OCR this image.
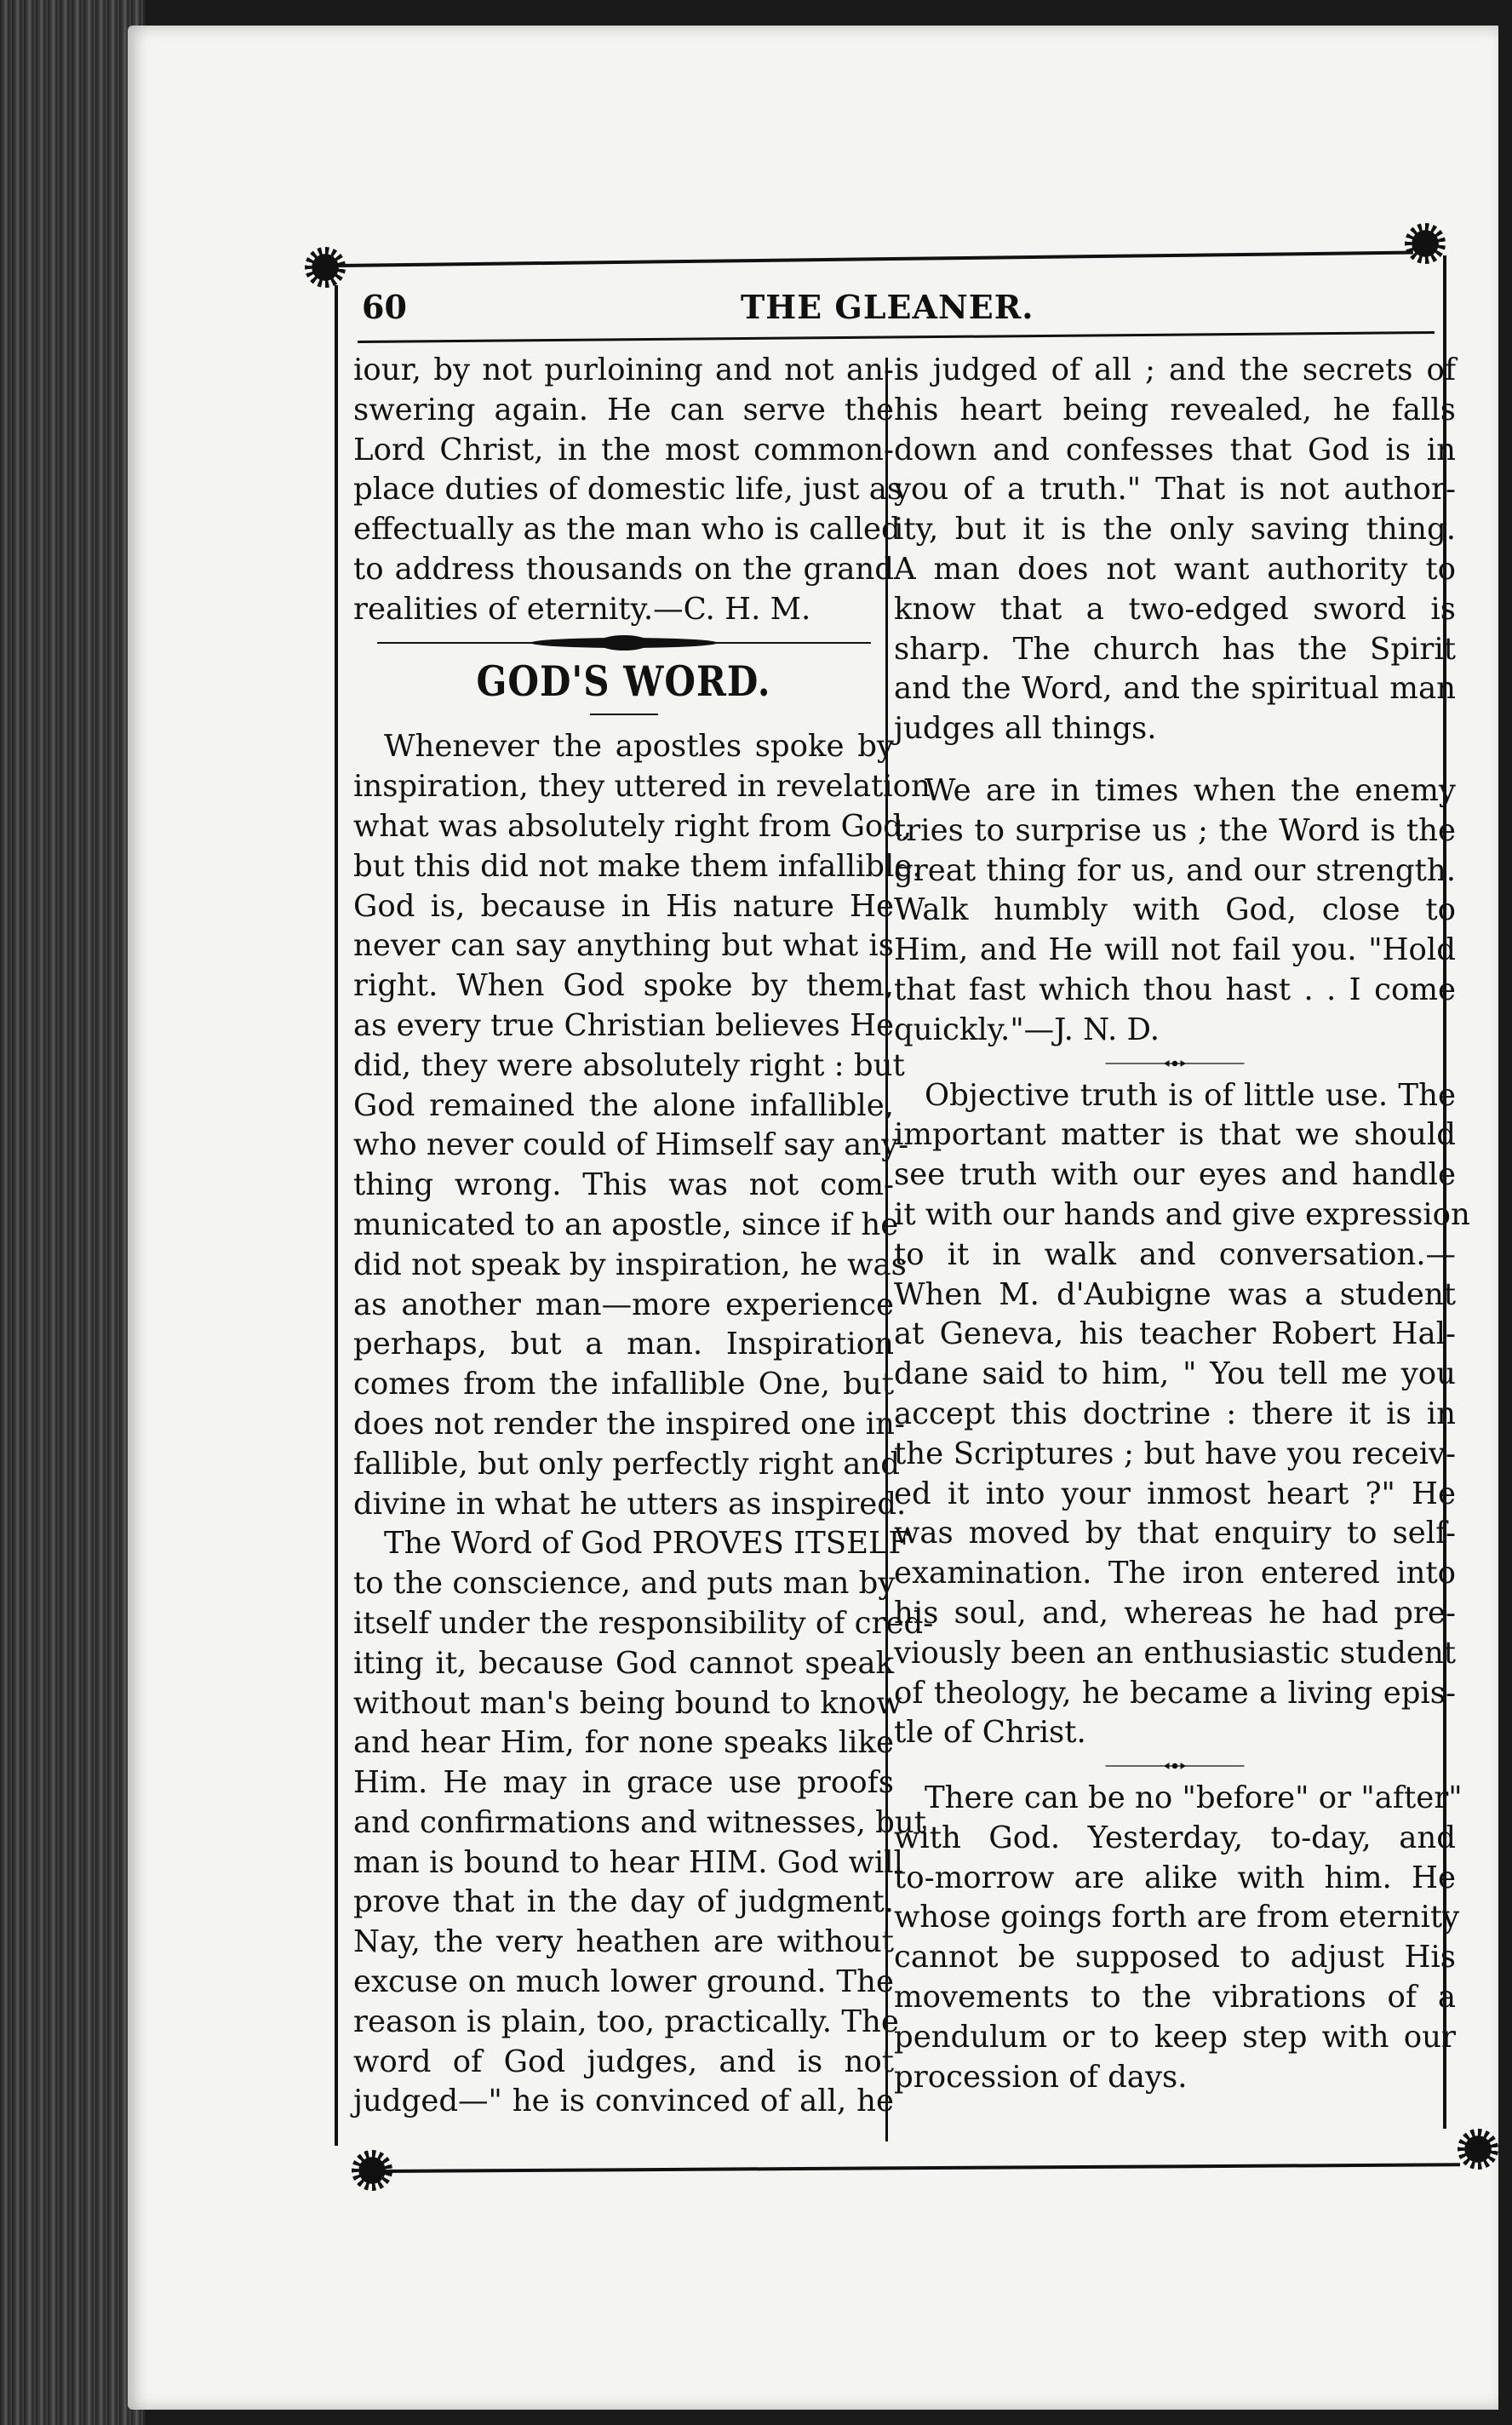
60	THE GLEANER.

iour, by not purloining and not an-
swering again. He can serve the
Lord Christ, in the most common-
place duties of domestic life, just as
effectually as the man who is called
to address thousands on the grand
realities of eternity.—C. H. M.

GOD'S WORD.

Whenever the apostles spoke by
inspiration, they uttered in revelation
what was absolutely right from God,
but this did not make them infallible.
God is, because in His nature He
never can say anything but what is
right. When God spoke by them,
as every true Christian believes He
did, they were absolutely right : but
God remained the alone infallible,
who never could of Himself say any-
thing wrong. This was not com-
municated to an apostle, since if he
did not speak by inspiration, he was
as another man—more experience
perhaps, but a man. Inspiration
comes from the infallible One, but
does not render the inspired one in-
fallible, but only perfectly right and
divine in what he utters as inspired.

The Word of God PROVES ITSELF
to the conscience, and puts man by
itself under the responsibility of cred-
iting it, because God cannot speak
without man's being bound to know
and hear Him, for none speaks like
Him. He may in grace use proofs
and confirmations and witnesses, but
man is bound to hear HIM. God will
prove that in the day of judgment.
Nay, the very heathen are without
excuse on much lower ground. The
reason is plain, too, practically. The
word of God judges, and is not
judged—" he is convinced of all, he

is judged of all ; and the secrets of
his heart being revealed, he falls
down and confesses that God is in
you of a truth." That is not author-
ity, but it is the only saving thing.
A man does not want authority to
know that a two-edged sword is
sharp. The church has the Spirit
and the Word, and the spiritual man
judges all things.

We are in times when the enemy
tries to surprise us ; the Word is the
great thing for us, and our strength.
Walk humbly with God, close to
Him, and He will not fail you. "Hold
that fast which thou hast . . I come
quickly."—J. N. D.

Objective truth is of little use. The
important matter is that we should
see truth with our eyes and handle
it with our hands and give expression
to it in walk and conversation.—
When M. d'Aubigne was a student
at Geneva, his teacher Robert Hal-
dane said to him, " You tell me you
accept this doctrine : there it is in
the Scriptures ; but have you receiv-
ed it into your inmost heart ?" He
was moved by that enquiry to self-
examination. The iron entered into
his soul, and, whereas he had pre-
viously been an enthusiastic student
of theology, he became a living epis-
tle of Christ.

There can be no "before" or "after"
with God. Yesterday, to-day, and
to-morrow are alike with him. He
whose goings forth are from eternity
cannot be supposed to adjust His
movements to the vibrations of a
pendulum or to keep step with our
procession of days.
